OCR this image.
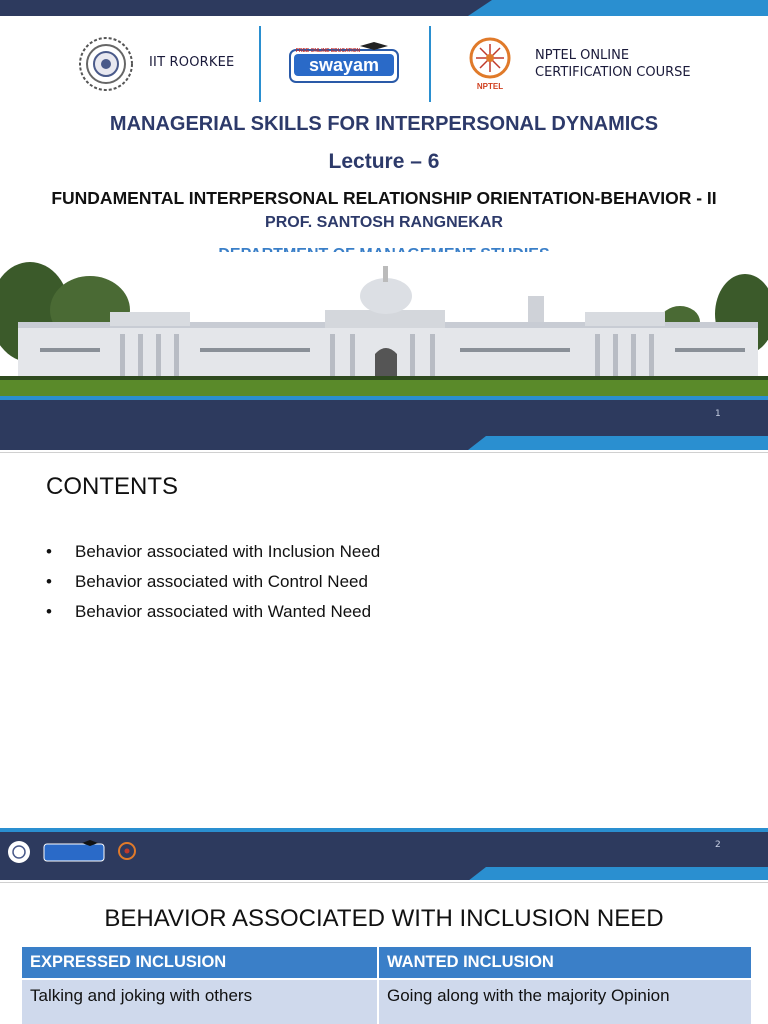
IIT ROORKEE	swayam
FREE ONLINE EDUCATION
NPTEL
NPTEL ONLINE
CERTIFICATION COURSE
MANAGERIAL SKILLS FOR INTERPERSONAL DYNAMICS
Lecture – 6
FUNDAMENTAL INTERPERSONAL RELATIONSHIP ORIENTATION-BEHAVIOR - II
PROF. SANTOSH RANGNEKAR
1
CONTENTS
• Behavior associated with Inclusion Need
• Behavior associated with Control Need
• Behavior associated with Wanted Need
2
BEHAVIOR ASSOCIATED WITH INCLUSION NEED
EXPRESSED INCLUSION	WANTED INCLUSION
Talking and joking with others	Going along with the majority Opinion
